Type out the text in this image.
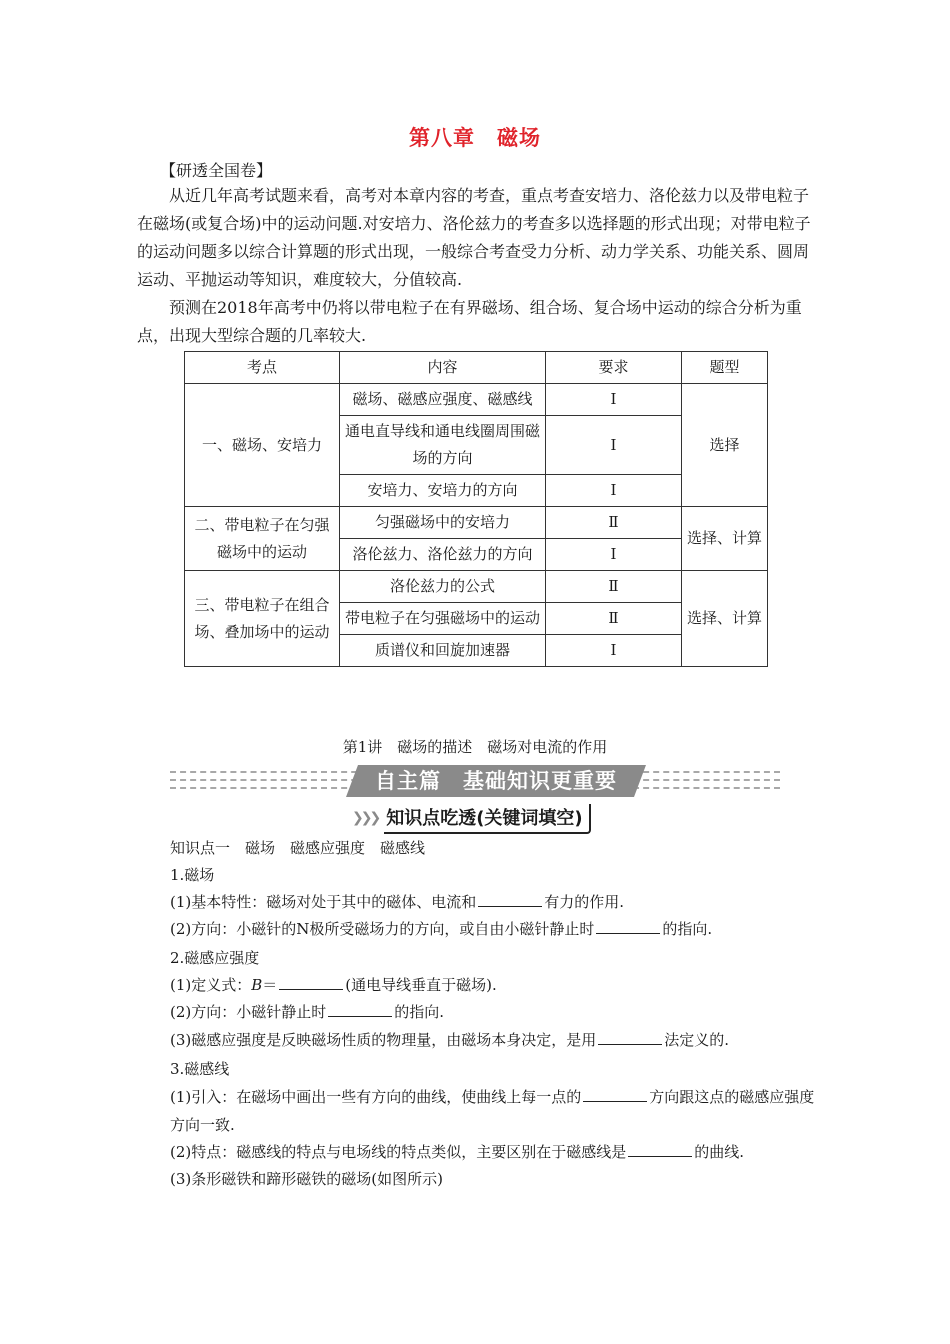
第八章　磁场
【研透全国卷】
从近几年高考试题来看，高考对本章内容的考查，重点考查安培力、洛伦兹力以及带电粒子在磁场(或复合场)中的运动问题.对安培力、洛伦兹力的考查多以选择题的形式出现；对带电粒子的运动问题多以综合计算题的形式出现，一般综合考查受力分析、动力学关系、功能关系、圆周运动、平抛运动等知识，难度较大，分值较高.
预测在2018年高考中仍将以带电粒子在有界磁场、组合场、复合场中运动的综合分析为重点，出现大型综合题的几率较大.
考点	内容	要求	题型
一、磁场、安培力	磁场、磁感应强度、磁感线	Ⅰ	选择
	通电直导线和通电线圈周围磁场的方向	Ⅰ	
	安培力、安培力的方向	Ⅰ	
二、带电粒子在匀强磁场中的运动	匀强磁场中的安培力	Ⅱ	选择、计算
	洛伦兹力、洛伦兹力的方向	Ⅰ	
三、带电粒子在组合场、叠加场中的运动	洛伦兹力的公式	Ⅱ	选择、计算
	带电粒子在匀强磁场中的运动	Ⅱ	
	质谱仪和回旋加速器	Ⅰ	
第1讲　磁场的描述　磁场对电流的作用
自主篇　基础知识更重要
❯❯❯ 知识点吃透(关键词填空)
知识点一　磁场　磁感应强度　磁感线
1.磁场
(1)基本特性：磁场对处于其中的磁体、电流和	有力的作用.
(2)方向：小磁针的N极所受磁场力的方向，或自由小磁针静止时	的指向.
2.磁感应强度
(1)定义式：B＝	(通电导线垂直于磁场).
(2)方向：小磁针静止时	的指向.
(3)磁感应强度是反映磁场性质的物理量，由磁场本身决定，是用	法定义的.
3.磁感线
(1)引入：在磁场中画出一些有方向的曲线，使曲线上每一点的	方向跟这点的磁感应强度方向一致.
(2)特点：磁感线的特点与电场线的特点类似，主要区别在于磁感线是	的曲线.
(3)条形磁铁和蹄形磁铁的磁场(如图所示)
